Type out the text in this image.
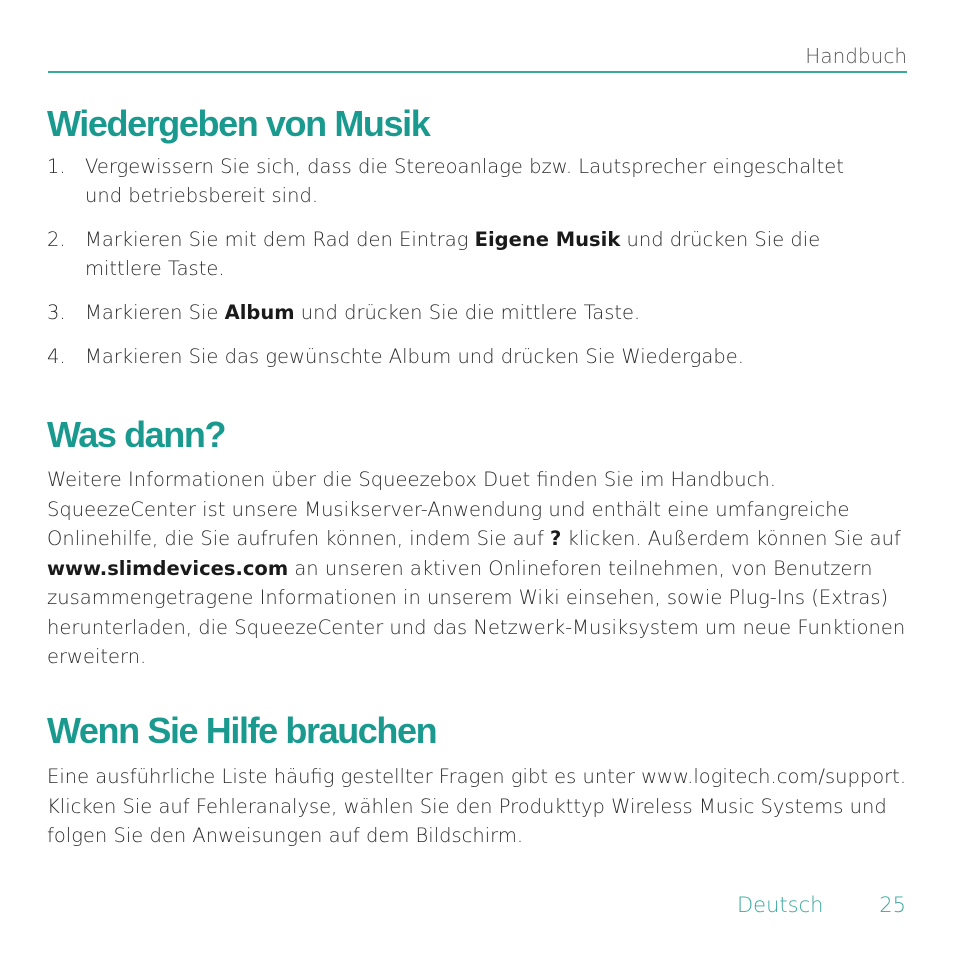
Handbuch
Wiedergeben von Musik
1. Vergewissern Sie sich, dass die Stereoanlage bzw. Lautsprecher eingeschaltet und betriebsbereit sind.
2. Markieren Sie mit dem Rad den Eintrag Eigene Musik und drücken Sie die mittlere Taste.
3. Markieren Sie Album und drücken Sie die mittlere Taste.
4. Markieren Sie das gewünschte Album und drücken Sie Wiedergabe.
Was dann?

Weitere Informationen über die Squeezebox Duet finden Sie im Handbuch. SqueezeCenter ist unsere Musikserver-Anwendung und enthält eine umfangreiche Onlinehilfe, die Sie aufrufen können, indem Sie auf ? klicken. Außerdem können Sie auf www.slimdevices.com an unseren aktiven Onlineforen teilnehmen, von Benutzern zusammengetragene Informationen in unserem Wiki einsehen, sowie Plug-Ins (Extras) herunterladen, die SqueezeCenter und das Netzwerk-Musiksystem um neue Funktionen erweitern.

Wenn Sie Hilfe brauchen

Eine ausführliche Liste häufig gestellter Fragen gibt es unter www.logitech.com/support. Klicken Sie auf Fehleranalyse, wählen Sie den Produkttyp Wireless Music Systems und folgen Sie den Anweisungen auf dem Bildschirm.

Deutsch	25
